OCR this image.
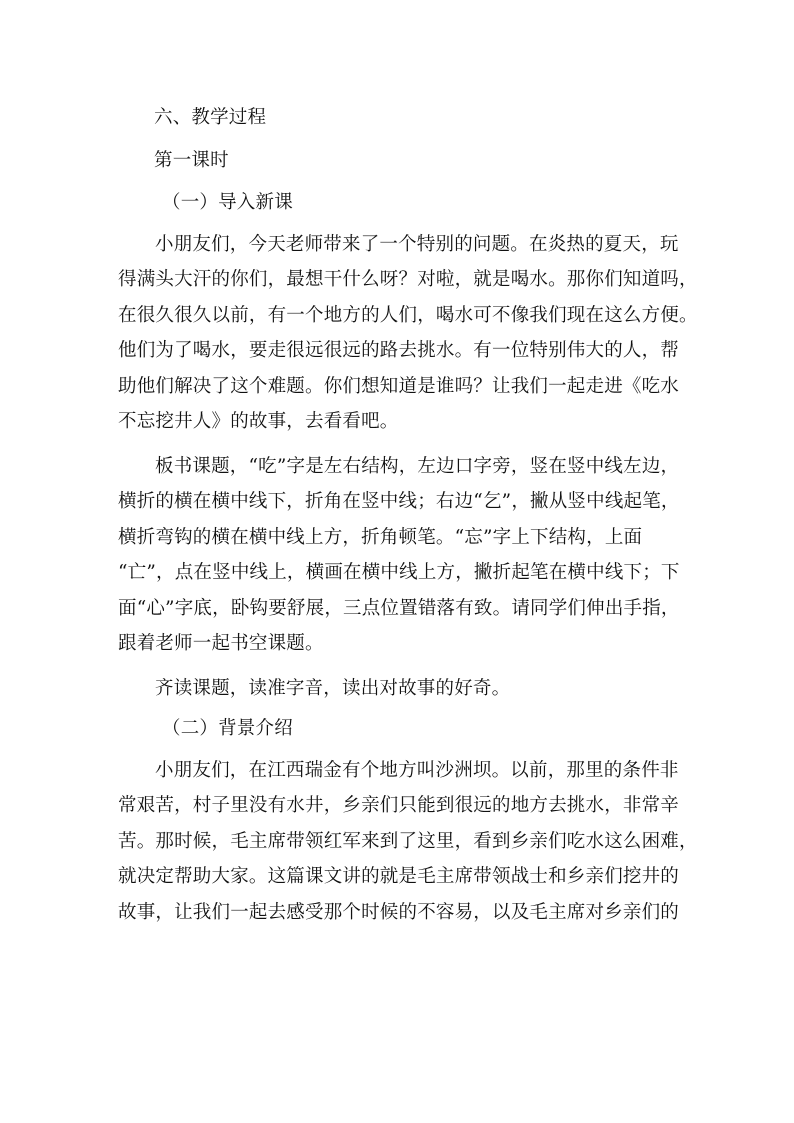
六、教学过程

第一课时

（一）导入新课

小朋友们，今天老师带来了一个特别的问题。在炎热的夏天，玩

得满头大汗的你们，最想干什么呀？对啦，就是喝水。那你们知道吗，

在很久很久以前，有一个地方的人们，喝水可不像我们现在这么方便。

他们为了喝水，要走很远很远的路去挑水。有一位特别伟大的人，帮

助他们解决了这个难题。你们想知道是谁吗？让我们一起走进《吃水

不忘挖井人》的故事，去看看吧。

板书课题，“吃”字是左右结构，左边口字旁，竖在竖中线左边，

横折的横在横中线下，折角在竖中线；右边“乞”，撇从竖中线起笔，

横折弯钩的横在横中线上方，折角顿笔。“忘”字上下结构，上面

“亡”，点在竖中线上，横画在横中线上方，撇折起笔在横中线下；下

面“心”字底，卧钩要舒展，三点位置错落有致。请同学们伸出手指，

跟着老师一起书空课题。

齐读课题，读准字音，读出对故事的好奇。

（二）背景介绍

小朋友们，在江西瑞金有个地方叫沙洲坝。以前，那里的条件非

常艰苦，村子里没有水井，乡亲们只能到很远的地方去挑水，非常辛

苦。那时候，毛主席带领红军来到了这里，看到乡亲们吃水这么困难，

就决定帮助大家。这篇课文讲的就是毛主席带领战士和乡亲们挖井的

故事，让我们一起去感受那个时候的不容易，以及毛主席对乡亲们的
